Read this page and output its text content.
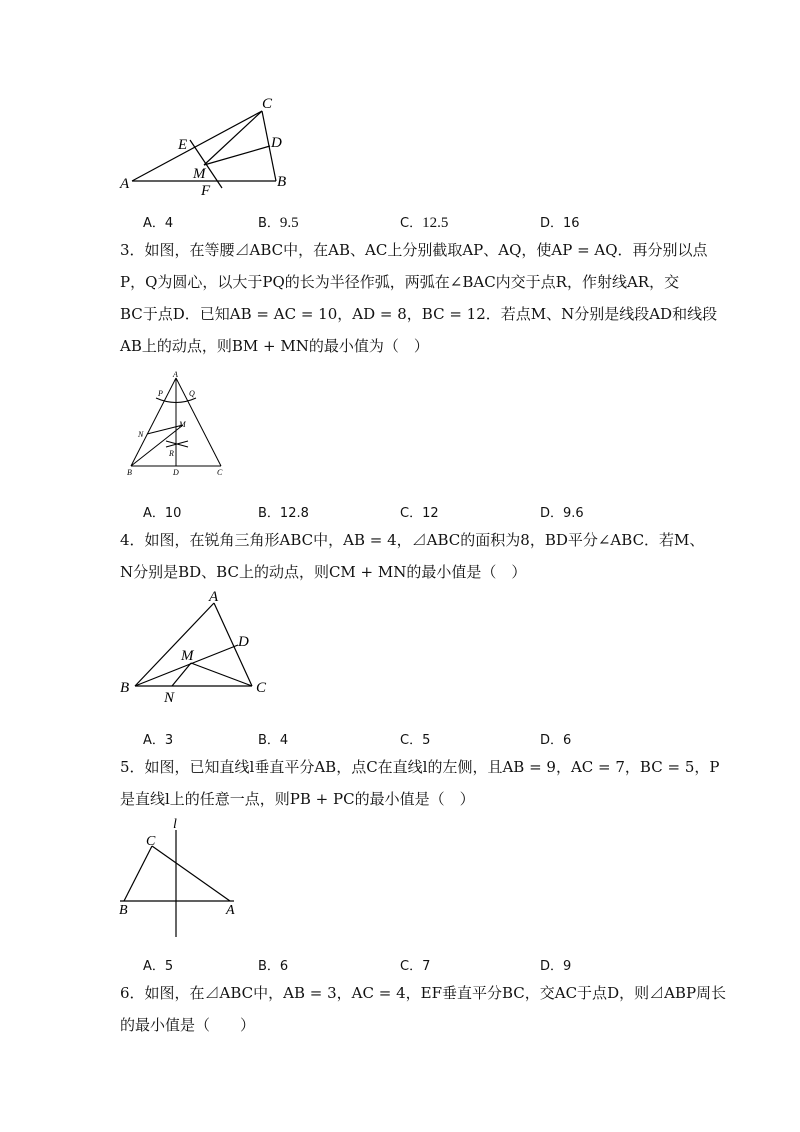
C
E	D
M
A	B
F
A．4	B．9.5	C．12.5	D．16
3．如图，在等腰⊿ABC中，在AB、AC上分别截取AP、AQ，使AP = AQ．再分别以点
P，Q为圆心，以大于PQ的长为半径作弧，两弧在∠BAC内交于点R，作射线AR，交
BC于点D．已知AB = AC = 10，AD = 8，BC = 12．若点M、N分别是线段AD和线段
AB上的动点，则BM + MN的最小值为（　）
A
P	Q
M
N
R
B	D	C
A．10	B．12.8	C．12	D．9.6
4．如图，在锐角三角形ABC中，AB = 4，⊿ABC的面积为8，BD平分∠ABC．若M、
N分别是BD、BC上的动点，则CM + MN的最小值是（　）
A
D
M
B
N
C
A．3	B．4	C．5	D．6
5．如图，已知直线l垂直平分AB，点C在直线l的左侧，且AB = 9，AC = 7，BC = 5，P
是直线l上的任意一点，则PB + PC的最小值是（　）
l
C
B	A
A．5	B．6	C．7	D．9
6．如图，在⊿ABC中，AB = 3，AC = 4，EF垂直平分BC，交AC于点D，则⊿ABP周长
的最小值是（　　）
